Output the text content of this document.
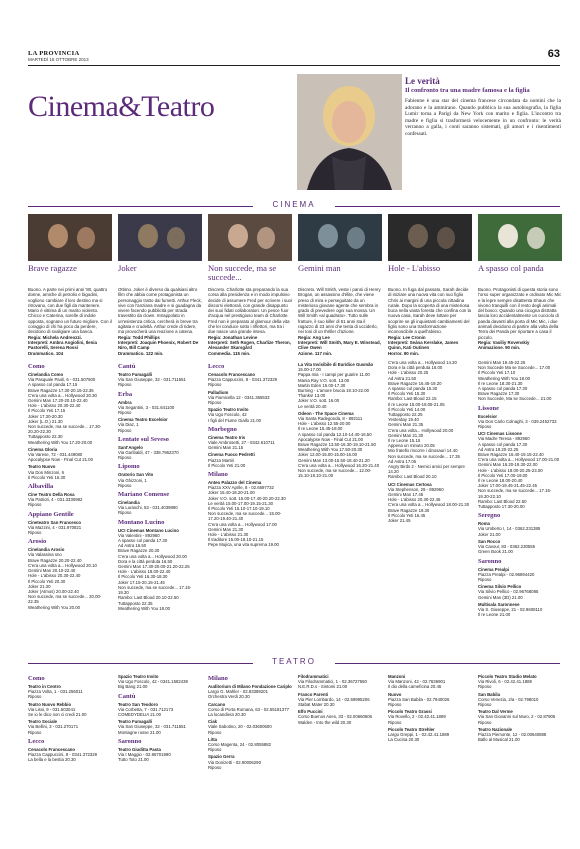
LA PROVINCIA
MARTEDÌ 15 OTTOBRE 2013	63
Cinema&Teatro
Le verità
Il confronto tra una madre famosa e la figlia
Fabienne è una star del cinema francese circondata da uomini che la adorano e la ammirano. Quando pubblica la sua autobiografia, la figlia Lumir torna a Parigi da New York con marito e figlia. L'incontro tra madre e figlia si trasformerà velocemente in un confronto: le verità verranno a galla, i conti saranno sistemati, gli amori e i risentimenti confessati.
CINEMA
Brave ragazze
Buono. A parte nei primi anni '80, quattro donne, amiche di petrolio e bigodini, vogliono cambiare il loro destino ma si ritrovano, con due figli da mantenere. Mario è vittima di un marito violento. Chicco e Caterina, sorelle di indole opposta, sognano un futuro migliore. Con il coraggio di chi ha poco da perdere, decidono di svaligiare una banca.
Regia: Michela Andreozzi.
Interpreti: Ambra Angiolini, Ilenia Pastorelli, Serena Rossi
Drammatico. 104
Joker
Ottimo. Joker è diverso da qualsiasi altro film che abbia come protagonista un personaggio tratto dai fumetti. Arthur Fleck, vive con l'anziana madre e si guadagna da vivere facendo pubblicità per strada travestito da clown. Intrappolato in un'esistenza critica, cercherà in breve tra agitata e crudeltà. Arthur crede di ridere, ma provocherà una reazione a catena.
Regia: Todd Phillips
Interpreti: Joaquin Phoenix, Robert De Niro, Bill Camp
Drammatico. 122 min.
Non succede, ma se succede...
Discreto. Charlotte sta preparando la sua corsa alla presidenza e in modo impulsivo decide di assumere Fred per scrivere i suoi discorsi elettorali, con grande disappunto dei suoi fidati collaboratori. Un pesce fuor d'acqua nel prestigioso team di Charlotte. Fred non è preparato al glamour della vita che lei conduce sotto i riflettori, ma tra i due nasce una grande intesa.
Regia: Jonathan Levine
Interpreti: Seth Rogen, Charlize Theron, Alexander Skarsgård
Commedia. 115 min.
Gemini man
Discreto. Will Smith, veste i panni di Henry Brogan, un assassino d'élite, che viene preso di mira e perseguitato da un misterioso giovane agente che sembra in grado di prevedere ogni sua mossa. Un Will Smith «al quadrato». Tutto sulle fratture, il suo killer di 51 anni sta il ragazzo di 23 anni che tenta di ucciderlo, nei toni di un thriller d'azione.
Regia: Ang Lee
Interpreti: Will Smith, Mary E. Winstead, Clive Owen
Azione. 117 min.
Hole - L'abisso
Buono. In fuga dal passato, Sarah decide di iniziare una nuova vita con suo figlio Chris ai margini di una piccola cittadina rurale. Dopo la scoperta di una misteriosa buca nella vasta foresta che confina con la nuova casa, Sarah deve lottare per scoprire se gli inquietanti cambiamenti del figlio sono una trasformazione inconoscibile a quell'abisso.
Regia: Lee Cronin
Interpreti: Seána Kerslake, James Quinn, Kati Outinen
Horror. 90 min.
A spasso col panda
Buono. Protagonisti di questa storia sono l'orso super organizzato e ordinato Mic Mic e la lepre sempre disattenta Shaun che vivono tranquilli con il resto degli animali del bosco. Quando una cicogna distratta lascia loro accidentalmente un cucciolo di panda davanti alla porta di Mic Mic, i due animali decidono di partire alla volta della Terra dei Panda per riportare a casa il piccolo.
Regia: Vasiliy Rovenskiy
Animazione. 90 min.
Como
Cinelandia Como
Via Pasquale Paoli, 6 - 031.507500
A spasso col panda 17.15
Brave Ragazze 17.30-20.15-22.35
C'era una volta a... Hollywood 20.30
Gemini Man 17.20-20.10-22.40
Hole - L'abisso 20.30-22.40
Il Piccolo Yeti 17.15
Joker 17.30-20.30
Joker (L.O.) 21.30
Non succede, ma se succede... 17.30-20.20-22.30
Tuttapposto 22.30
Weathering With You 17.20-20.00
Cinema Gloria
Via Varese, 72 - 031.449080
Apocalypse Now - Final Cut 21.00
Teatro Nuovo
Via Don Minzoni, 6
Il Piccolo Yeti 16.30
Albavilla
Cine Teatro Della Rosa
Via Patrioti, 4 - 031.3330982
Riposo
Appiano Gentile
Cineteatro San Francesco
Via Mazzini, 4 - 031.970821
Riposo
Arosio
Cinelandia Arosio
Via Valassina sno
Brave Ragazze 20.20-22.40
C'era una volta a... Hollywood 20.10
Gemini Man 20.10-22.40
Hole - L'abisso 20.30-22.40
Il Piccolo Yeti 20.30
Joker 21.30
Joker (Atmos) 20.00-22.40
Non succede, ma se succede... 20.00-22.35
Weathering With You 20.00
Cantù
Teatro Fumagalli
Via San Giuseppe, 32 - 031.711551
Riposo
Erba
Ambra
Via Segantini, 3 - 031.641100
Riposo
Cinema Teatro Excelsior
Via Diaz, 1
Riposo
Lentate sul Seveso
Sant'Angelo
Via Garibaldi, 47 - 338.7962370
Riposo
Lipomo
Oratorio San Vito
Via Ghizzoni, 1
Riposo
Mariano Comense
Cinelandia
Via Luraschi, 53 - 031.4039890
Riposo
Montano Lucino
UCI Cinemas Montano Lucino
Via Valentini - 892960
A spasso col panda 17.30
Ad Astra 16.50
Brave Ragazze 20.30
C'era una volta a... Hollywood 20.00
Dora e la città perduta 16.50
Gemini Man 17.30-20.00-21.20-22.25
Hole - L'abisso 18.00-22.40
Il Piccolo Yeti 16.30-18.30
Joker 17.15-20.15-21.45
Non succede, ma se succede... 17.15-19.30
Rambo: Last Blood 20.10-22.50
Tuttapposto 22.35
Weathering With You 18.00
Lecco
Cenacolo Francescano
Piazza Cappuccini, 8 - 0341.372329
Riposo
Palladium
Via Fiumicella 12 - 0341.365533
Riposo
Spazio Teatro Invito
Via Ugo Foscolo, 42
I figli del Fiume Giallo 21.00
Morbegno
Cinema Teatro Iris
Viale Ambrosetti, 27 - 0342.610711
Gemini Man 21.15
Cinema Fuoco Pedretti
Piazza Martiri
Il Piccolo Yeti 21.00
Milano
Anteo Palazzo del Cinema
Piazza XXV Aprile, 8 - 02.6597732
Joker 15.40-18.20-21.00
Joker V.O. sott. 15.00-17.40-20.20-22.30
Le verità 15.00-17.00-19.15-21.30
Il Piccolo Yeti 15.10-17.10-19.10
Non succede, ma se succede... 15.00-17.20-19.40-21.40
C'era una volta a... Hollywood 17.00
Gemini Man 21.30
Hole - L'abisso 21.30
Il traditore 15.00-18.10-21.15
Pepe Mujica, una vita suprema 19.00
La Vita Invisibile di Eurídice Gusmão
15.00-17.00
Pappa mia - I campi per guarire 11.00
Mania Ray V.O. sott. 13.00
Martin Eden 15.00-17.30
Burning - L'amore brucia 19.10-22.00
Thanks! 13.00
Joker V.O. sott. 16.00
Le verità 20.40
Odeon - The Space Cinema
Via Santa Radegonda, 8 - 892111
Hole - L'abisso 12.55-20.00
Il re Leone 15.45-18.00
A spasso col panda 12.10-14.40-16.50
Apocalypse Now - Final Cut 21.00
Brave Ragazze 13.50-16.30-19.10-21.50
Weathering With You 17.50-20.30
Joker 12.00-15.00-15.00-16.00
Gemini Man 13.00-15.50-18.40-21.20
C'era una volta a... Hollywood 16.20-21.40
Non succede, ma se succede... 12.00-15.10-18.10-21.00
C'era una volta a... Hollywood 14.20
Dora e la città perduta 16.00
Hole - L'abisso 20.25
Ad Astra 21.50
Brave Ragazze 16.45-19.20
A spasso col panda 15.30
Il Piccolo Yeti 15.30
Rambo: Last Blood 22.15
Il re Leone 15.00-18.05-21.05
Il Piccolo Yeti 14.00
Tuttapposto 22.25
Yesterday 19.40
Gemini Man 21.35
C'era una volta... Hollywood 20.00
Gemini Man 21.30
Il re Leone 15.15
Appena un minuto 20.05
Mio fratello rincorre i dinosauri 14.40
Non succede, ma se succede... 17.35
Ad Astra 17.05
Angry Birds 2 - Nemici amici per sempre 14.20
Rambo: Last Blood 20.10
UCI Cinemas Certosa
Via Stephenson, 29 - 892960
Gemini Man 17.45
Hole - L'abisso 20.30-22.45
C'era una volta a... Hollywood 18.00-21.30
Brave Ragazze 19.30
Il Piccolo Yeti 16.45
Joker 21.45
Gemini Man 19.45-22.25
Non Succede Ma se Succede... 17.00
Il Piccolo Yeti 17.10
Weathering With You 18.00
Il re Leone 18.30-21.30
A spasso col panda 17.30
Brave Ragazze 17.30
Non Succede, Ma se Succede... 21.00
Lissone
Excelsior
Via Don Carlo Colnaghi, 3 - 039.2452733
Riposo
UCI Cinemas Lissone
Via Madre Teresa - 892960
A spasso col panda 17.30
Ad Astra 18.20-22.25
Brave Ragazze 16.40-19.15-22.40
C'era una volta a... Hollywood 17.00-21.00
Gemini Man 16.20-19.30-22.00
Hole - L'abisso 18.00-20.25-23.00
Il Piccolo Yeti 17.00-19.00
Il re Leone 18.00-20.40
Joker 17.00-19.45-21.45-22.45
Non succede, ma se succede... 17.15-19.30-22.10
Rambo: Last Blood 22.50
Tuttapposto 17.30-20.00
Seregno
Roma
Via Umberto I, 14 - 0362.231385
Joker 21.00
San Rocco
Via Cavour, 83 - 0362.230555
Green Book 21.00
Saronno
Cinema Prealpi
Piazza Prealpi - 02.96894420
Riposo
Cinema Silvio Pellico
Via Silvio Pellico - 02.96768085
Gemini Man (3D) 21.00
Multisala Saronnese
Via S. Giuseppe, 21 - 02.9608110
Il re Leone 21.00
TEATRO
Como
Teatro in Centro
Piazza Volta, 1 - 031.256011
Riposo
Teatro Nuovo Rebbio
Via Lissi, 9 - 031.503041
Se io le dico non ci credi 21.00
Teatro Sociale
Via Bellini, 3 - 031.270171
Riposo
Lecco
Cenacolo Francescano
Piazza Cappuccini, 8 - 0341.372329
La bella e la bestia 20.30
Spazio Teatro Invito
Via Ugo Foscolo, 42 - 0341.1582439
Big Bang 21.00
Cantù
Teatro San Teodoro
Via Corbetta, 7 - 031.712173
COMEDYDELIA 21.00
Teatro Fumagalli
Via San Giuseppe, 32 - 031.711551
Montagne russe 21.00
Saronno
Teatro Giuditta Pasta
Via I Maggio - 02.96701990
Tutto Toto 21.00
Milano
Auditorium di Milano Fondazione Cariplo
Largo G. Mahler - 02.83389201
Orchestra Verdi 20.30
Carcano
Corso di Porta Romana, 63 - 02.55181377
La locandiera 20.30
Ciak
Viale Sabotino, 20 - 02.03600600
Riposo
Litta
Corso Magenta, 24 - 02.8055882
Riposo
Spazio Gerra
Via Donizetti - 02.90006290
Riposo
Filodrammatici
Via Filodrammatici, 1 - 02.36727550
N.E.R.D.s - Sintomi 21.00
Franco Parenti
Via Pier Lombardo, 14 - 02.59995206
Stabat Mater 20.30
Elfo Puccini
Corso Buenos Aires, 33 - 02.00660606
Walden - Into the wild 20.30
Manzoni
Via Manzoni, 42 - 02.7636901
Il dio della carneficina 20.45
Nuovo
Piazza San Babila - 02.7940026
Riposo
Piccolo Teatro Grassi
Via Rovello, 2 - 02.42.41.1889
Riposo
Piccolo Teatro Strehler
Largo Greppi, 1 - 02.42.41.1889
La Cucina 20.30
Piccolo Teatro Studio Melato
Via Rivoli, 6 - 02.42.41.1889
Riposo
San Babila
Corso Venezia, 2/a - 02.798010
Riposo
Teatro Dal Verme
Via San Giovanni sul Muro, 2 - 02.87905
Riposo
Teatro Nazionale
Piazza Piemonte, 12 - 02.00640888
Ballo al Musical 21.00
